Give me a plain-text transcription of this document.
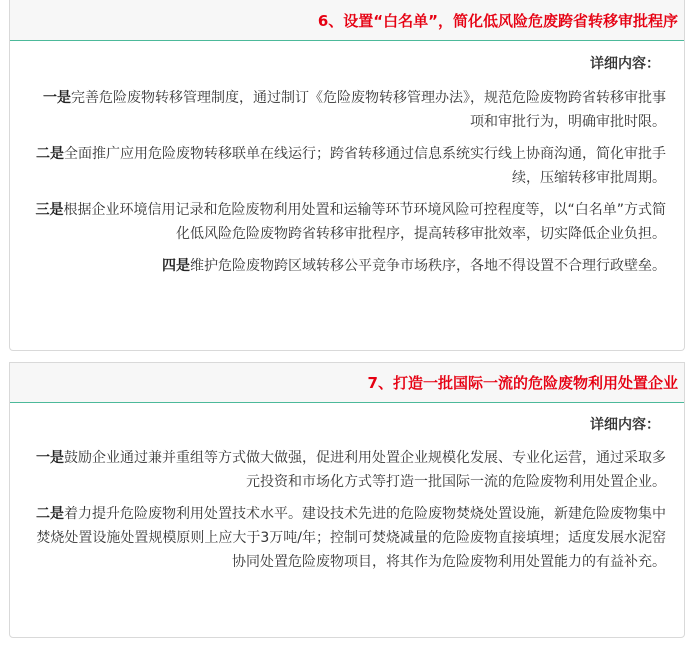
6、设置“白名单”，简化低风险危废跨省转移审批程序
详细内容：
一是完善危险废物转移管理制度，通过制订《危险废物转移管理办法》，规范危险废物跨省转移审批事项和审批行为，明确审批时限。
二是全面推广应用危险废物转移联单在线运行；跨省转移通过信息系统实行线上协商沟通，简化审批手续，压缩转移审批周期。
三是根据企业环境信用记录和危险废物利用处置和运输等环节环境风险可控程度等，以“白名单”方式简化低风险危险废物跨省转移审批程序，提高转移审批效率，切实降低企业负担。
四是维护危险废物跨区域转移公平竞争市场秩序，各地不得设置不合理行政壁垒。
7、打造一批国际一流的危险废物利用处置企业
详细内容：
一是鼓励企业通过兼并重组等方式做大做强，促进利用处置企业规模化发展、专业化运营，通过采取多元投资和市场化方式等打造一批国际一流的危险废物利用处置企业。
二是着力提升危险废物利用处置技术水平。建设技术先进的危险废物焚烧处置设施，新建危险废物集中焚烧处置设施处置规模原则上应大于3万吨/年；控制可焚烧减量的危险废物直接填埋；适度发展水泥窑协同处置危险废物项目，将其作为危险废物利用处置能力的有益补充。
